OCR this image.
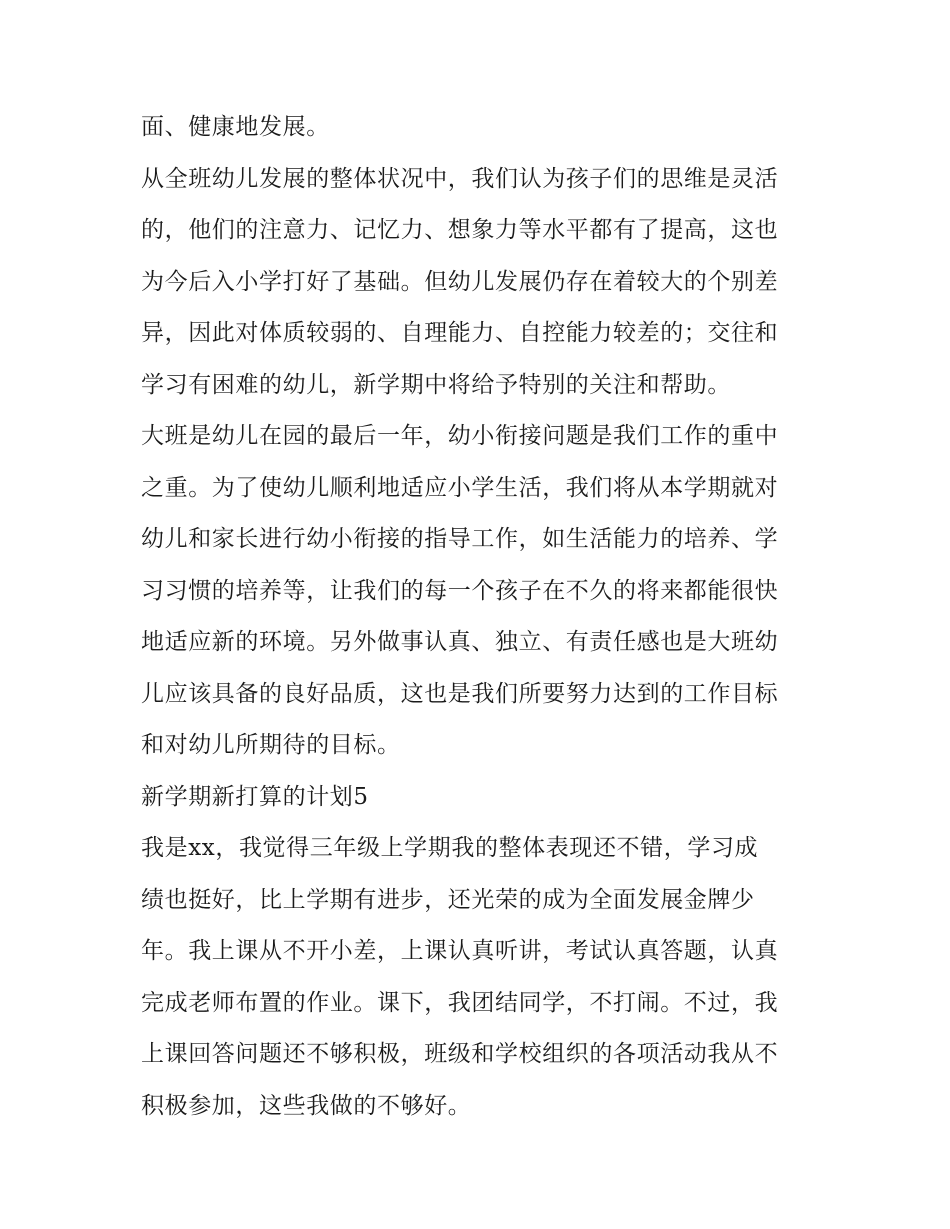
面、健康地发展。
从全班幼儿发展的整体状况中，我们认为孩子们的思维是灵活
的，他们的注意力、记忆力、想象力等水平都有了提高，这也
为今后入小学打好了基础。但幼儿发展仍存在着较大的个别差
异，因此对体质较弱的、自理能力、自控能力较差的；交往和
学习有困难的幼儿，新学期中将给予特别的关注和帮助。
大班是幼儿在园的最后一年，幼小衔接问题是我们工作的重中
之重。为了使幼儿顺利地适应小学生活，我们将从本学期就对
幼儿和家长进行幼小衔接的指导工作，如生活能力的培养、学
习习惯的培养等，让我们的每一个孩子在不久的将来都能很快
地适应新的环境。另外做事认真、独立、有责任感也是大班幼
儿应该具备的良好品质，这也是我们所要努力达到的工作目标
和对幼儿所期待的目标。
新学期新打算的计划5
我是xx，我觉得三年级上学期我的整体表现还不错，学习成
绩也挺好，比上学期有进步，还光荣的成为全面发展金牌少
年。我上课从不开小差，上课认真听讲，考试认真答题，认真
完成老师布置的作业。课下，我团结同学，不打闹。不过，我
上课回答问题还不够积极，班级和学校组织的各项活动我从不
积极参加，这些我做的不够好。
